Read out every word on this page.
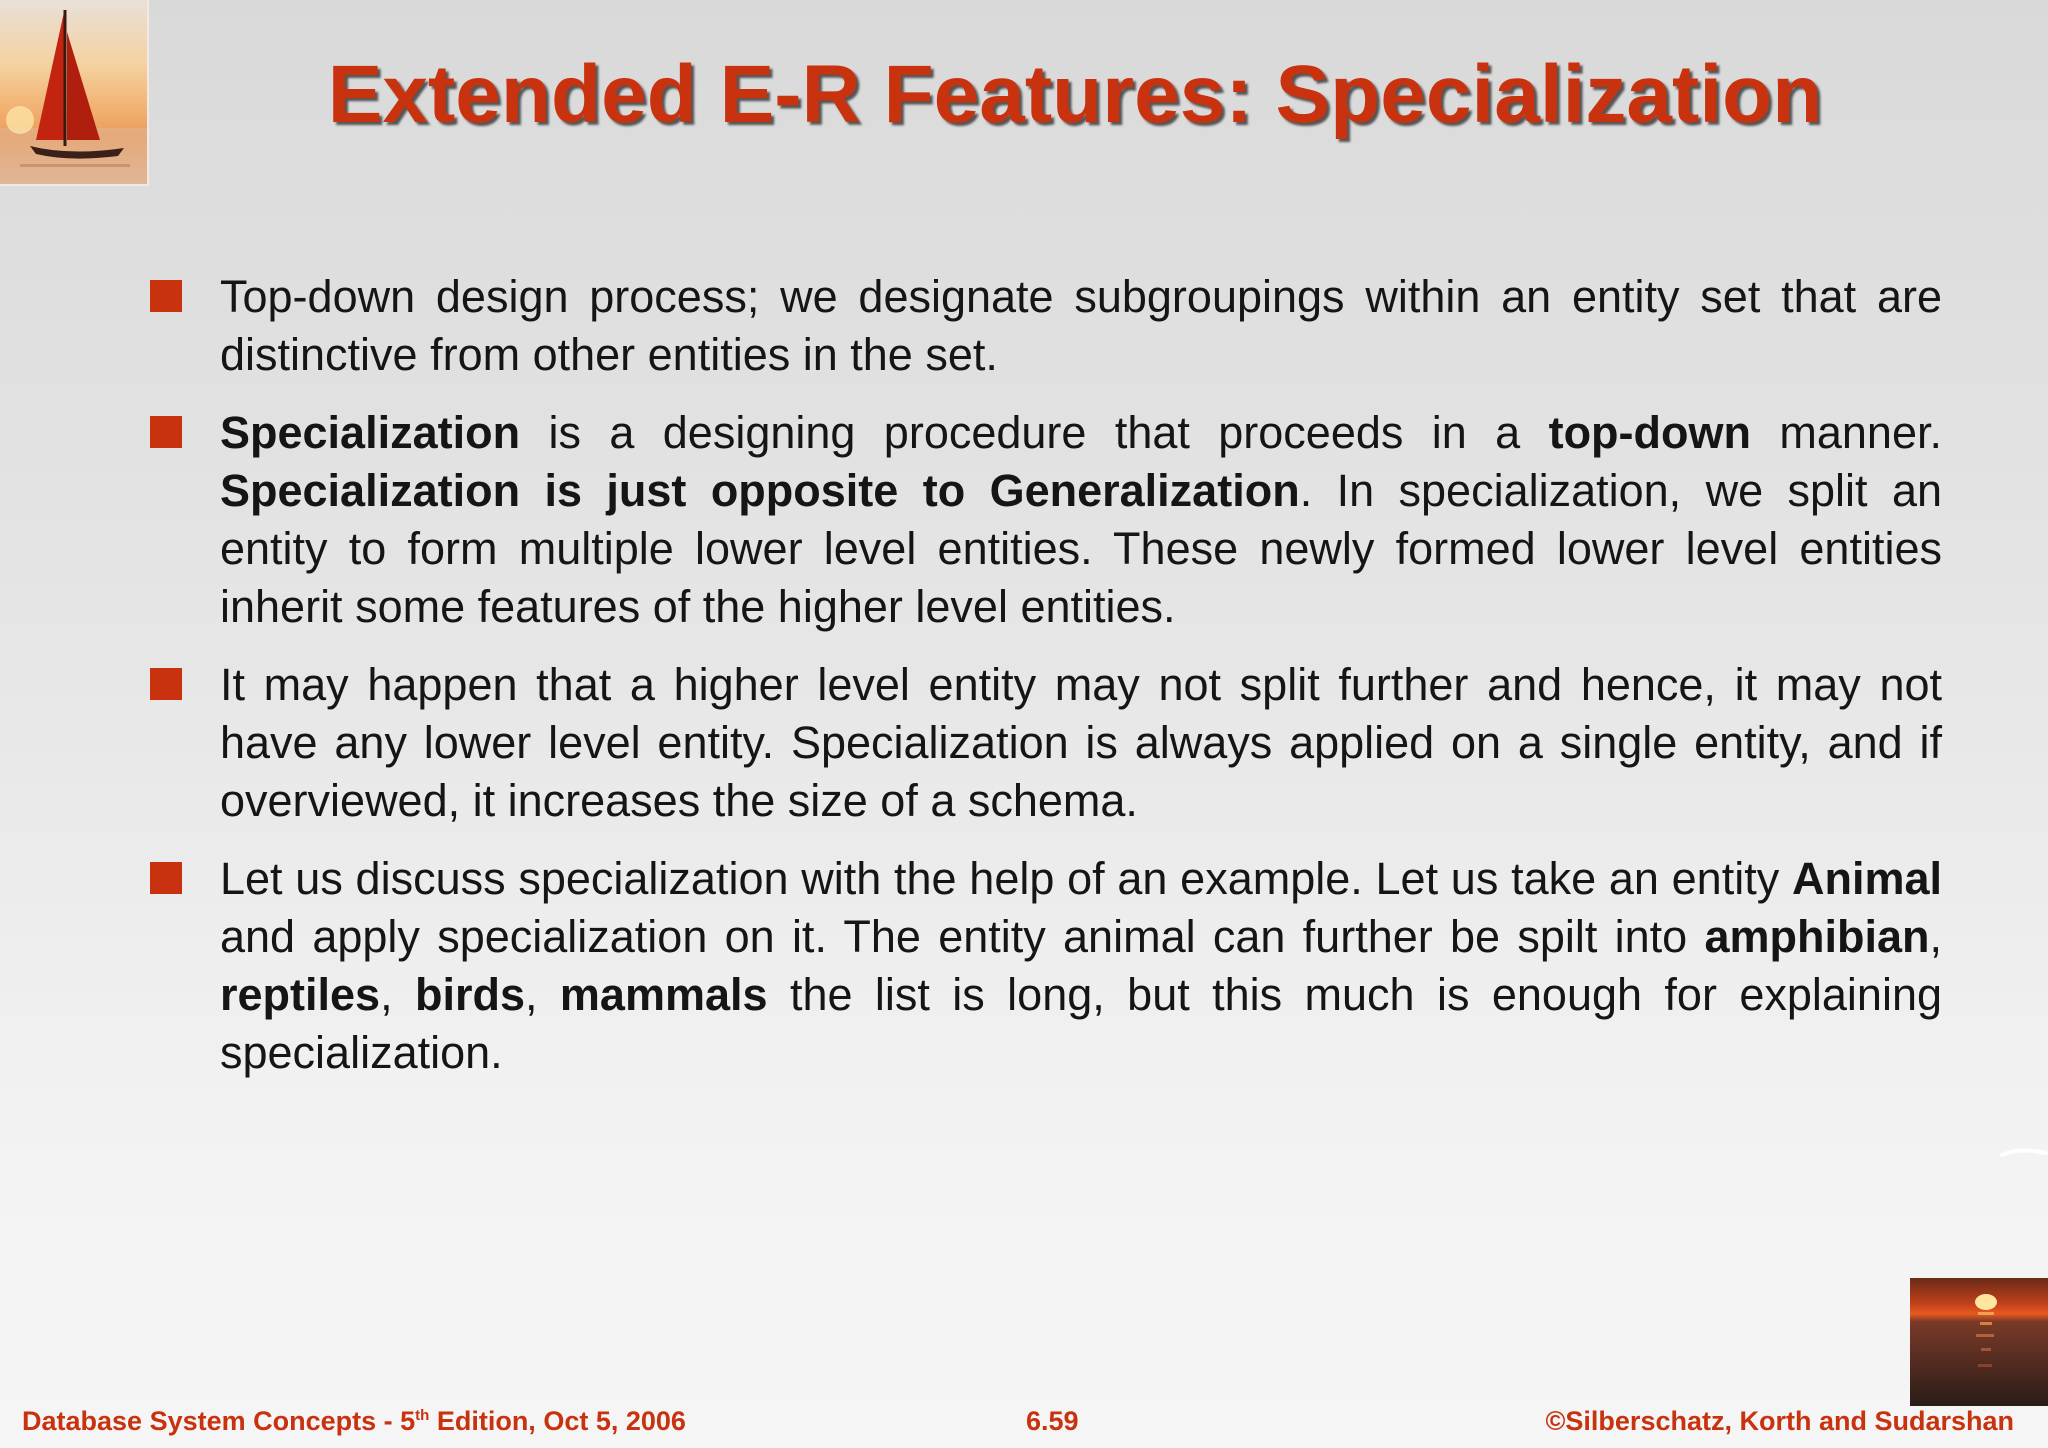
Extended E-R Features: Specialization
Top-down design process; we designate subgroupings within an entity set that are distinctive from other entities in the set.
Specialization is a designing procedure that proceeds in a top-down manner. Specialization is just opposite to Generalization. In specialization, we split an entity to form multiple lower level entities. These newly formed lower level entities inherit some features of the higher level entities.
It may happen that a higher level entity may not split further and hence, it may not have any lower level entity. Specialization is always applied on a single entity, and if overviewed, it increases the size of a schema.
Let us discuss specialization with the help of an example. Let us take an entity Animal and apply specialization on it. The entity animal can further be spilt into amphibian, reptiles, birds, mammals the list is long, but this much is enough for explaining specialization.
Database System Concepts - 5th Edition, Oct 5, 2006	6.59	©Silberschatz, Korth and Sudarshan
